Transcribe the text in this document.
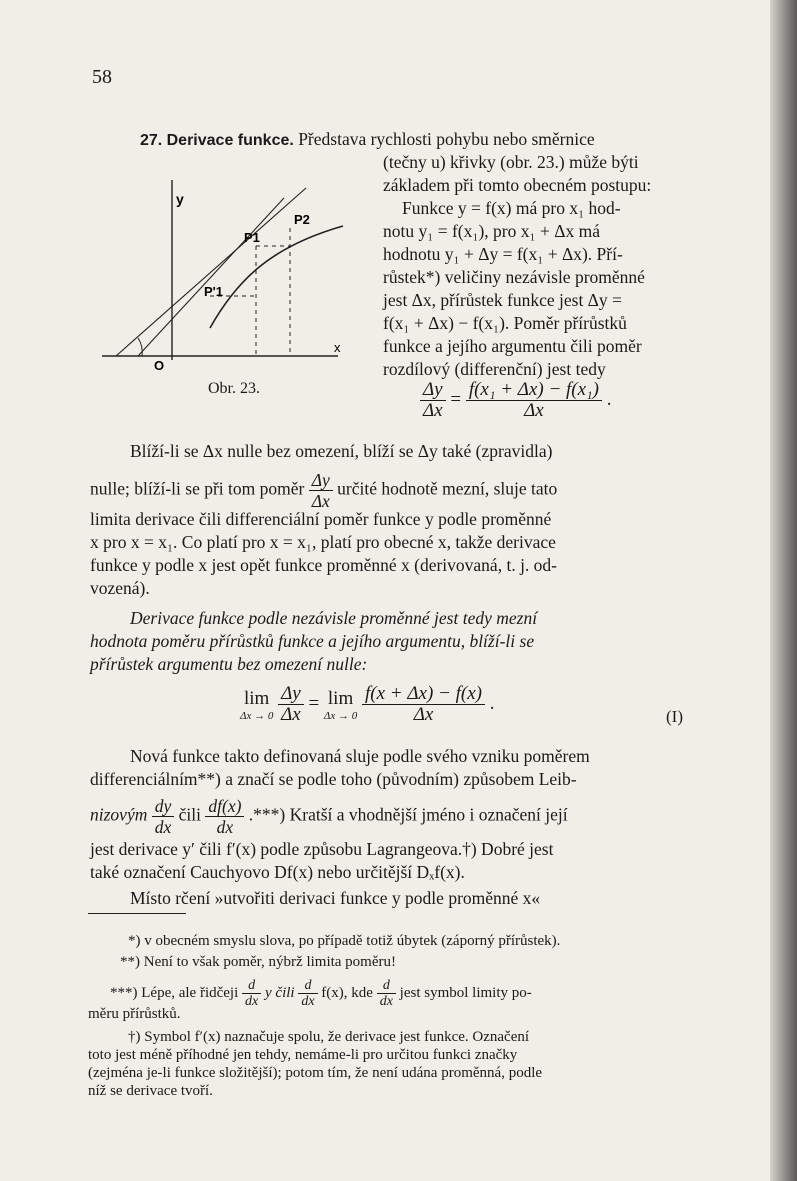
58
27. Derivace funkce. Představa rychlosti pohybu nebo směrnice
(tečny u) křivky (obr. 23.) může býti
základem při tomto obecném postupu:
y
x
O
P1
P2
P'1
Obr. 23.
Funkce y = f(x) má pro x₁ hod-
notu y₁ = f(x₁), pro x₁ + Δx má
hodnotu y₁ + Δy = f(x₁ + Δx). Pří-
růstek*) veličiny nezávisle proměnné
jest Δx, přírůstek funkce jest Δy =
f(x₁ + Δx) − f(x₁). Poměr přírůstků
funkce a jejího argumentu čili poměr
rozdílový (differenční) jest tedy
$\frac{\Delta y}{\Delta x} = \frac{\text{f(x₁ + Δx) − f(x₁)}}{\Delta x}$ .
Blíží-li se Δx nulle bez omezení, blíží se Δy také (zpravidla)
nulle; blíží-li se při tom poměr $\frac{\Delta y}{\Delta x}$ určité hodnotě mezní, sluje tato
limita derivace čili differenciální poměr funkce y podle proměnné
x pro x = x₁. Co platí pro x = x₁, platí pro obecné x, takže derivace
funkce y podle x jest opět funkce proměnné x (derivovaná, t. j. od-
vozená).
Derivace funkce podle nezávisle proměnné jest tedy mezní
hodnota poměru přírůstků funkce a jejího argumentu, blíží-li se
přírůstek argumentu bez omezení nulle:
lim
Δx → 0
$\frac{\Delta y}{\Delta x} = \lim$
Δx → 0
$\frac{f(x + \Delta x) - f(x)}{\Delta x}$ .
(I)
Nová funkce takto definovaná sluje podle svého vzniku poměrem
differenciálním**) a značí se podle toho (původním) způsobem Leib-
nizovým $\frac{dy}{dx}$ čili $\frac{df(x)}{dx}$ .***) Kratší a vhodnější jméno i označení její
jest derivace y′ čili f′(x) podle způsobu Lagrangeova.†) Dobré jest
také označení Cauchyovo Df(x) nebo určitější Dₓf(x).
Místo rčení »utvořiti derivaci funkce y podle proměnné x«
*) v obecném smyslu slova, po případě totiž úbytek (záporný přírůstek).
**) Není to však poměr, nýbrž limita poměru!
***) Lépe, ale řidčeji $\frac{d}{dx}$ y čili $\frac{d}{dx} f(x)$, kde $\frac{d}{dx}$ jest symbol limity po-
měru přírůstků.
†) Symbol f′(x) naznačuje spolu, že derivace jest funkce. Označení
toto jest méně příhodné jen tehdy, nemáme-li pro určitou funkci značky
(zejména je-li funkce složitější); potom tím, že není udána proměnná, podle
níž se derivace tvoří.
